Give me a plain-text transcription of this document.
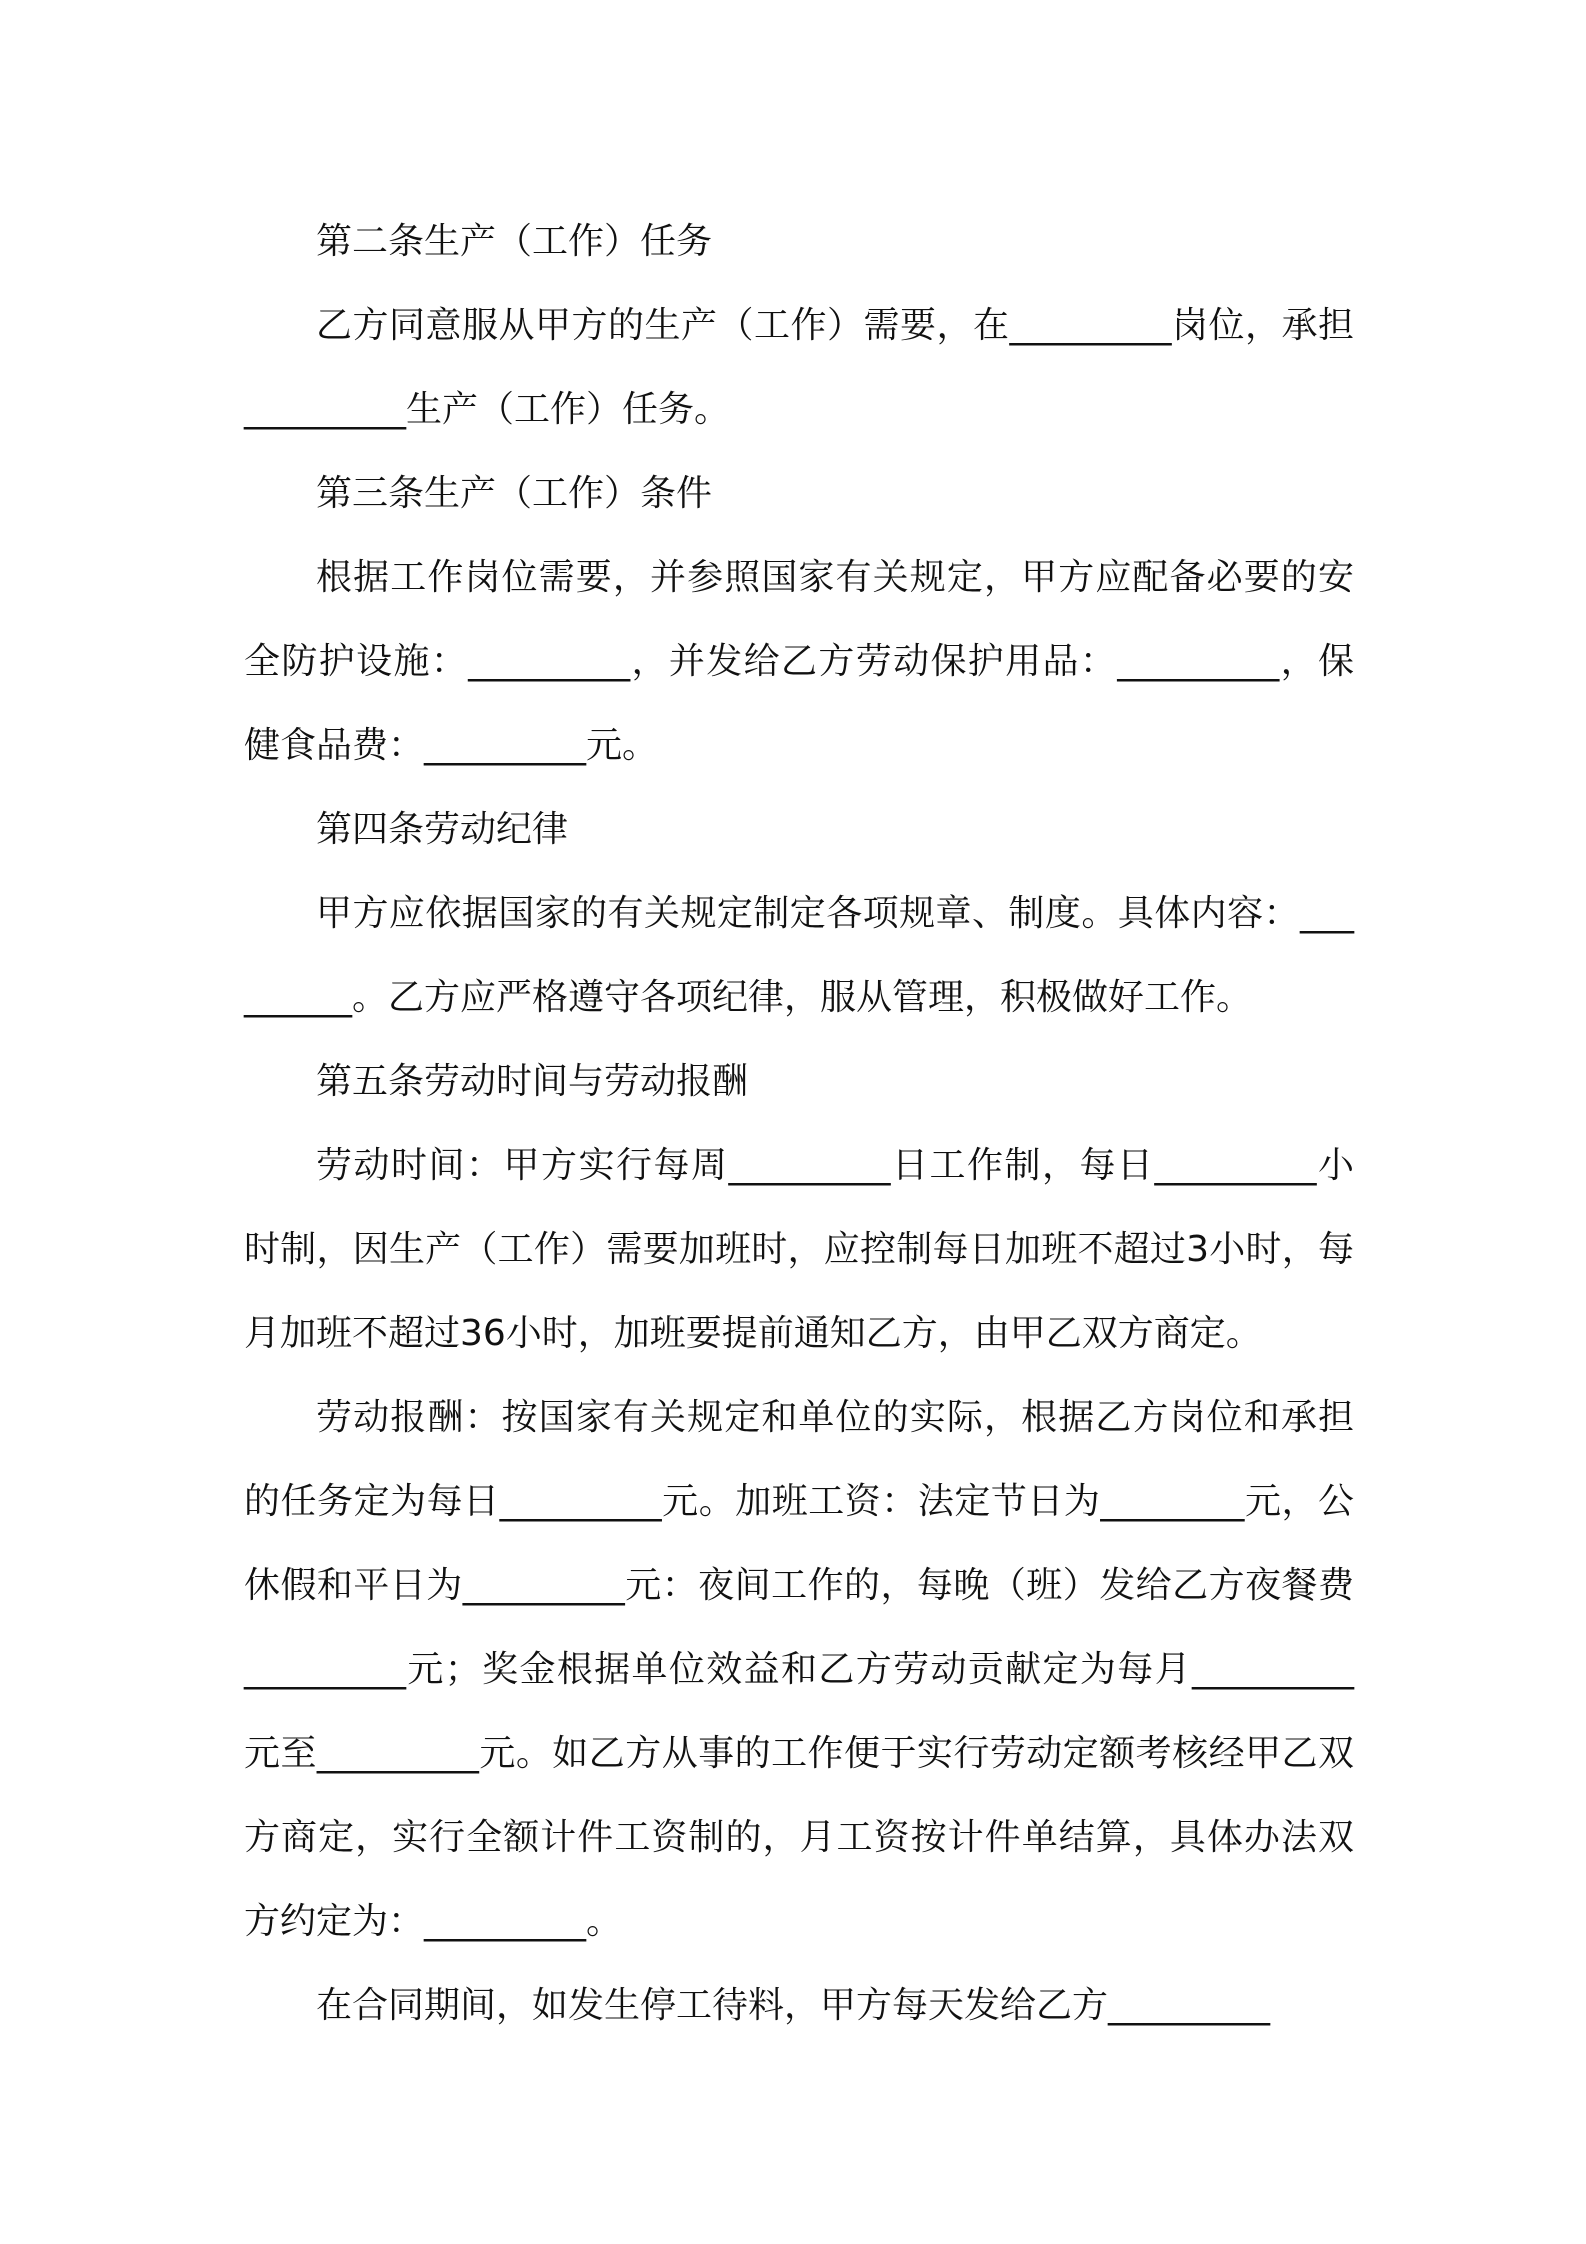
第二条生产（工作）任务

乙方同意服从甲方的生产（工作）需要，在_________岗位，承担_________生产（工作）任务。

第三条生产（工作）条件

根据工作岗位需要，并参照国家有关规定，甲方应配备必要的安全防护设施：_________，并发给乙方劳动保护用品：_________，保健食品费：_________元。

第四条劳动纪律

甲方应依据国家的有关规定制定各项规章、制度。具体内容：_________。乙方应严格遵守各项纪律，服从管理，积极做好工作。

第五条劳动时间与劳动报酬

劳动时间：甲方实行每周_________日工作制，每日_________小时制，因生产（工作）需要加班时，应控制每日加班不超过3小时，每月加班不超过36小时，加班要提前通知乙方，由甲乙双方商定。

劳动报酬：按国家有关规定和单位的实际，根据乙方岗位和承担的任务定为每日_________元。加班工资：法定节日为________元，公休假和平日为_________元：夜间工作的，每晚（班）发给乙方夜餐费_________元；奖金根据单位效益和乙方劳动贡献定为每月_________元至_________元。如乙方从事的工作便于实行劳动定额考核经甲乙双方商定，实行全额计件工资制的，月工资按计件单结算，具体办法双方约定为：_________。

在合同期间，如发生停工待料，甲方每天发给乙方_________
